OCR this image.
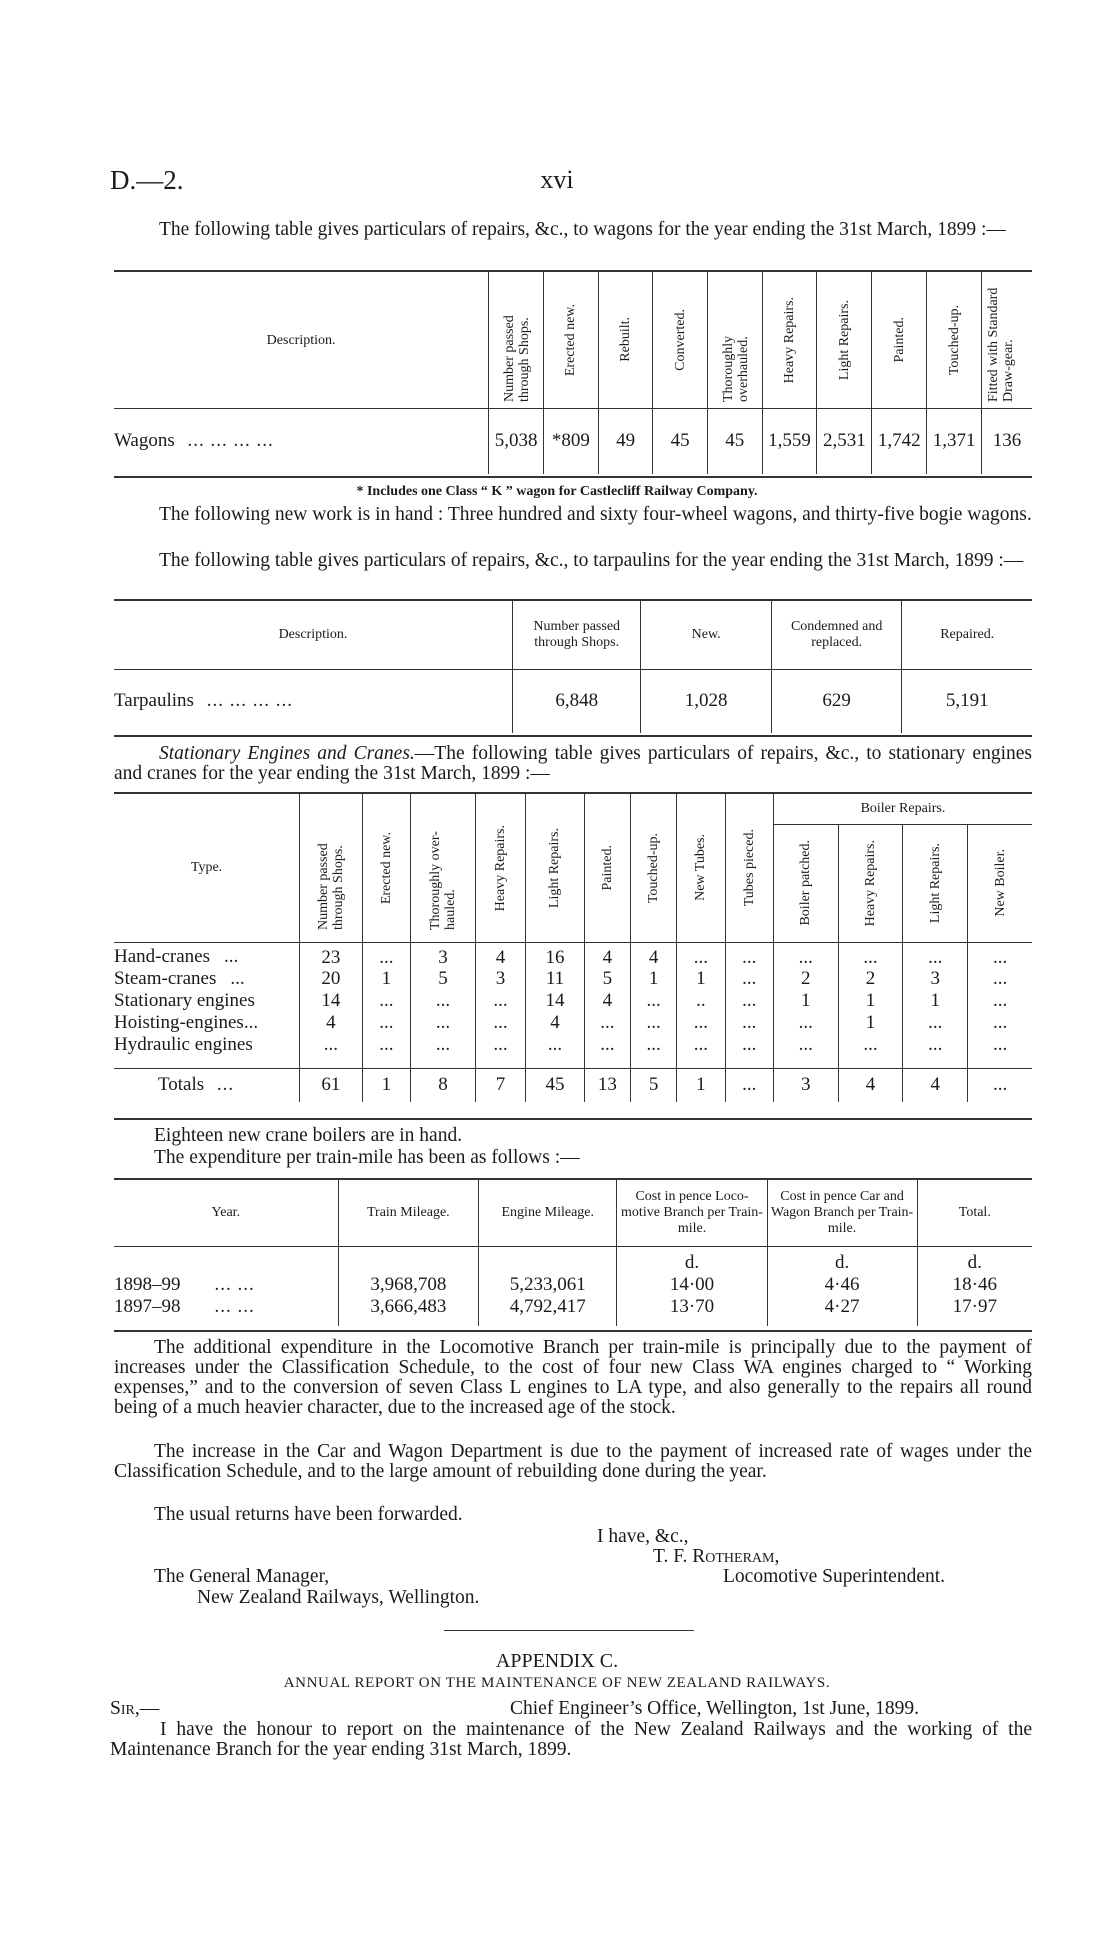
D.—2.	xvi

The following table gives particulars of repairs, &c., to wagons for the year ending the 31st March, 1899 :—

Description.	Number passed through Shops.	Erected new.	Rebuilt.	Converted.	Thoroughly overhauled.	Heavy Repairs.	Light Repairs.	Painted.	Touched-up.	Fitted with Standard Draw-gear.

Wagons ... ... ... ...	5,038	*809	49	45	45	1,559	2,531	1,742	1,371	136
* Includes one Class “ K ” wagon for Castlecliff Railway Company.

The following new work is in hand : Three hundred and sixty four-wheel wagons, and thirty-five bogie wagons.

The following table gives particulars of repairs, &c., to tarpaulins for the year ending the 31st March, 1899 :—

Description.	Number passed through Shops.	New.	Condemned and replaced.	Repaired.
Tarpaulins ... ... ... ...	6,848	1,028	629	5,191

Stationary Engines and Cranes.—The following table gives particulars of repairs, &c., to stationary engines and cranes for the year ending the 31st March, 1899 :—

Type.	Number passed through Shops.	Erected new.	Thoroughly over-hauled.	Heavy Repairs.	Light Repairs.	Painted.	Touched-up.	New Tubes.	Tubes pieced.	Boiler Repairs.			

										Boiler patched.	Heavy Repairs.	Light Repairs.	New Boiler.

Hand-cranes ...	23	...	3	4	16	4	4	...	...	...	...	...	...
Steam-cranes ...	20	1	5	3	11	5	1	1	...	2	2	3	...
Stationary engines	14	...	...	...	14	4	...	..	...	1	1	1	...
Hoisting-engines...	4	...	...	...	4	...	...	...	...	...	1	...	...
Hydraulic engines	...	...	...	...	...	...	...	...	...	...	...	...	...

Totals ...	61	1	8	7	45	13	5	1	...	3	4	4	...

Eighteen new crane boilers are in hand.

The expenditure per train-mile has been as follows :—

Year.	Train Mileage.	Engine Mileage.	Cost in pence Loco-motive Branch per Train-mile.	Cost in pence Car and Wagon Branch per Train-mile.	Total.
			d.	d.	d.
1898–99 ... ...	3,968,708	5,233,061	14·00	4·46	18·46
1897–98 ... ...	3,666,483	4,792,417	13·70	4·27	17·97

The additional expenditure in the Locomotive Branch per train-mile is principally due to the payment of increases under the Classification Schedule, to the cost of four new Class WA engines charged to “ Working expenses,” and to the conversion of seven Class L engines to LA type, and also generally to the repairs all round being of a much heavier character, due to the increased age of the stock.

The increase in the Car and Wagon Department is due to the payment of increased rate of wages under the Classification Schedule, and to the large amount of rebuilding done during the year.

The usual returns have been forwarded.

I have, &c.,
T. F. Rotheram,
The General Manager,	Locomotive Superintendent.
New Zealand Railways, Wellington.
APPENDIX C.
ANNUAL REPORT ON THE MAINTENANCE OF NEW ZEALAND RAILWAYS.
Sir,—	Chief Engineer’s Office, Wellington, 1st June, 1899.

I have the honour to report on the maintenance of the New Zealand Railways and the working of the Maintenance Branch for the year ending 31st March, 1899.
